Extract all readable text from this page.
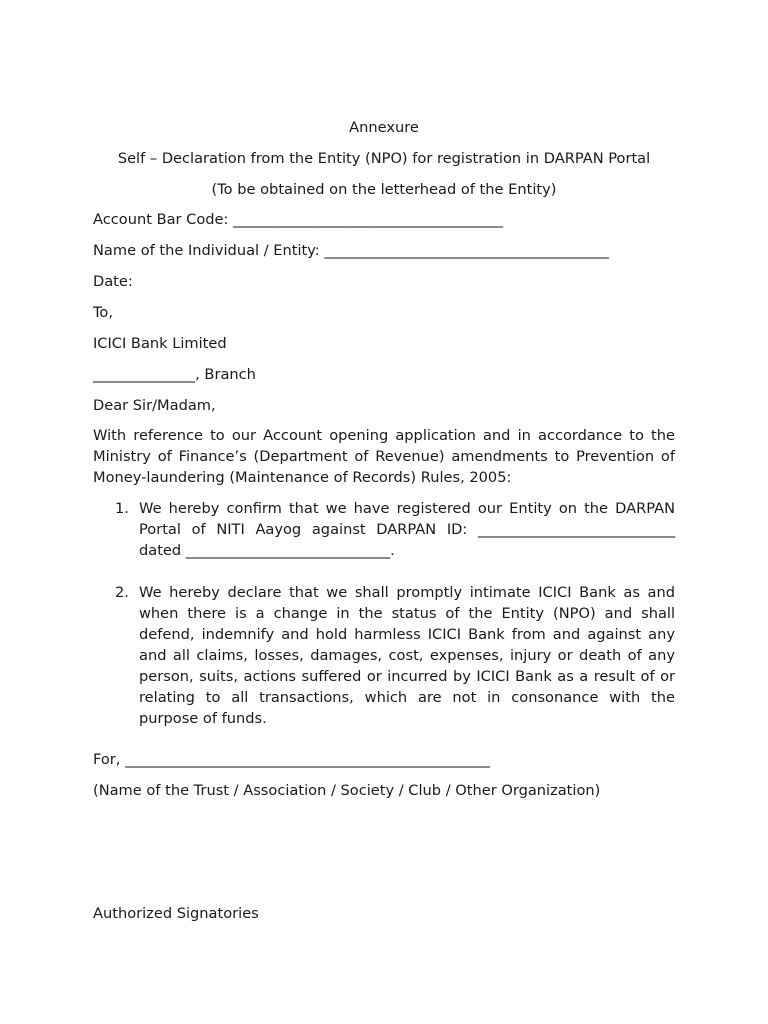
Annexure
Self – Declaration from the Entity (NPO) for registration in DARPAN Portal
(To be obtained on the letterhead of the Entity)
Account Bar Code: _____________________________________
Name of the Individual / Entity: _______________________________________
Date:
To,
ICICI Bank Limited
______________, Branch
Dear Sir/Madam,
With reference to our Account opening application and in accordance to the Ministry of Finance’s (Department of Revenue) amendments to Prevention of Money-laundering (Maintenance of Records) Rules, 2005:
1. We hereby confirm that we have registered our Entity on the DARPAN Portal of NITI Aayog against DARPAN ID: ___________________________ dated ____________________________.
2. We hereby declare that we shall promptly intimate ICICI Bank as and when there is a change in the status of the Entity (NPO) and shall defend, indemnify and hold harmless ICICI Bank from and against any and all claims, losses, damages, cost, expenses, injury or death of any person, suits, actions suffered or incurred by ICICI Bank as a result of or relating to all transactions, which are not in consonance with the purpose of funds.
For, __________________________________________________
(Name of the Trust / Association / Society / Club / Other Organization)
Authorized Signatories
